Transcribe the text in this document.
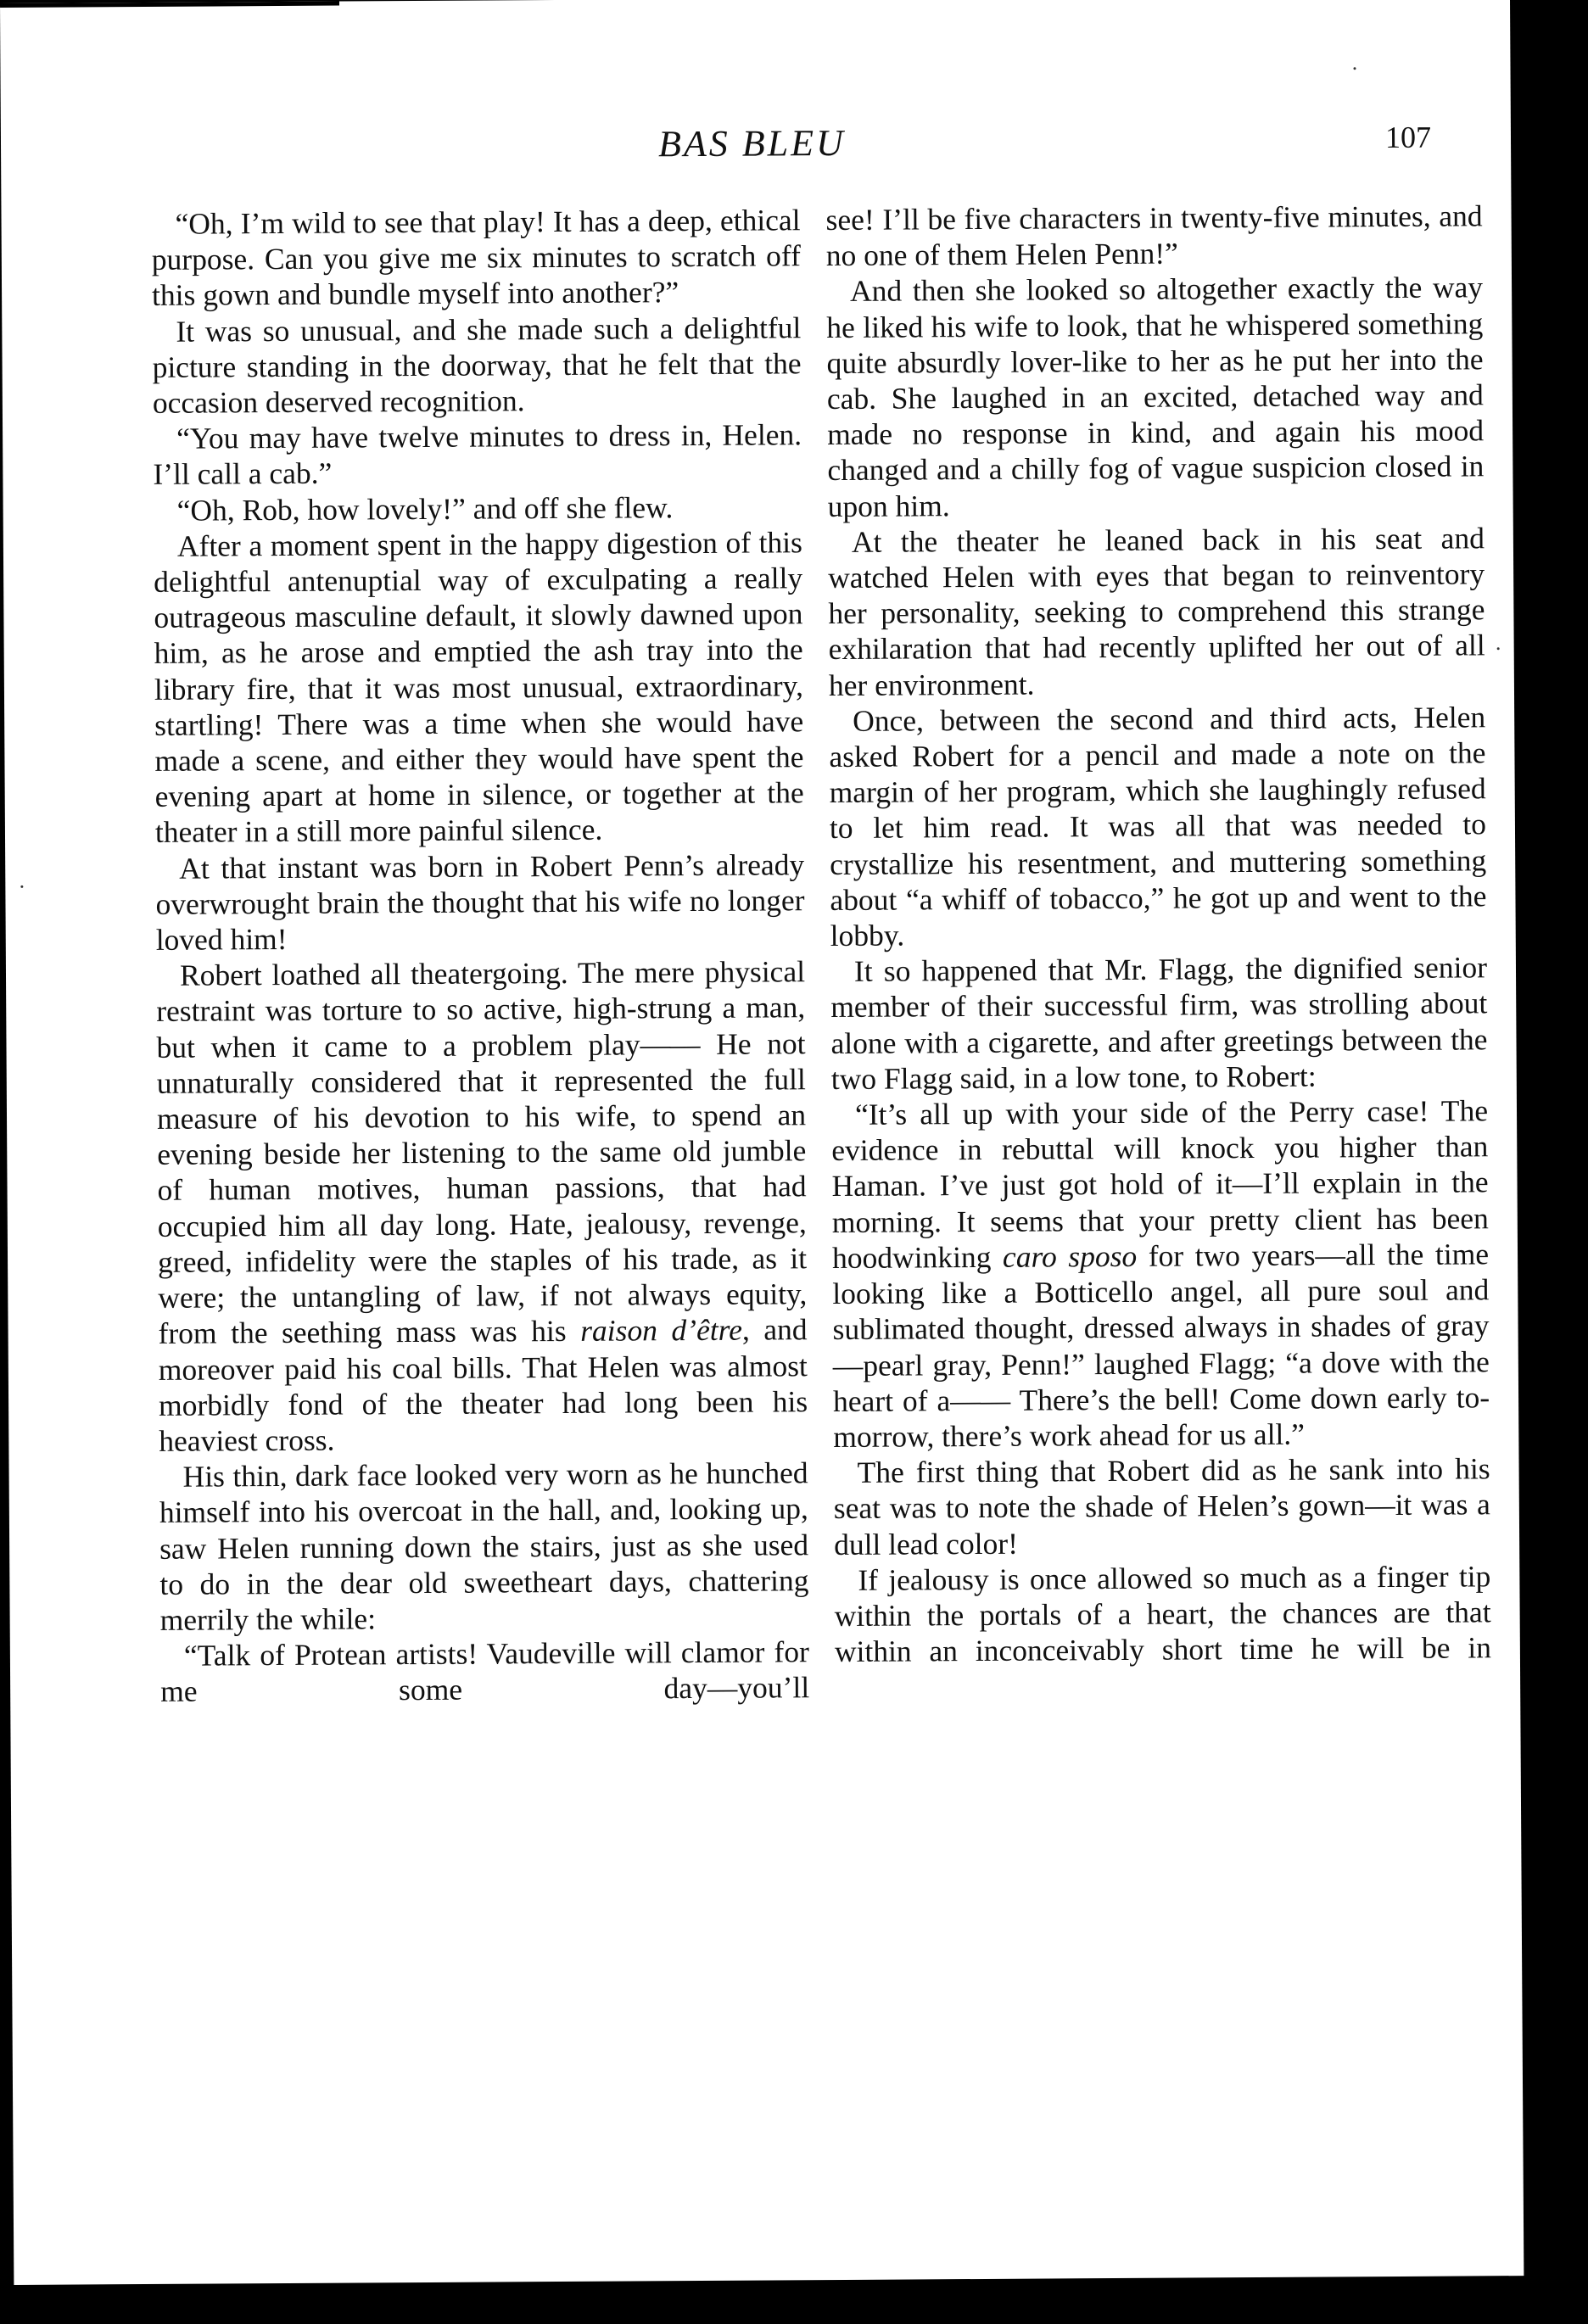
BAS BLEU	107

“Oh, I’m wild to see that play! It has a deep, ethical purpose. Can you give me six minutes to scratch off this gown and bundle myself into another?”

It was so unusual, and she made such a delightful picture standing in the doorway, that he felt that the occasion deserved recognition.

“You may have twelve minutes to dress in, Helen. I’ll call a cab.”

“Oh, Rob, how lovely!” and off she flew.

After a moment spent in the happy digestion of this delightful antenuptial way of exculpating a really outrageous masculine default, it slowly dawned upon him, as he arose and emptied the ash tray into the library fire, that it was most unusual, extraordinary, startling! There was a time when she would have made a scene, and either they would have spent the evening apart at home in silence, or together at the theater in a still more painful silence.

At that instant was born in Robert Penn’s already overwrought brain the thought that his wife no longer loved him!

Robert loathed all theatergoing. The mere physical restraint was torture to so active, high-strung a man, but when it came to a problem play—— He not unnaturally considered that it represented the full measure of his devotion to his wife, to spend an evening beside her listening to the same old jumble of human motives, human passions, that had occupied him all day long. Hate, jealousy, revenge, greed, infidelity were the staples of his trade, as it were; the untangling of law, if not always equity, from the seething mass was his raison d’être, and moreover paid his coal bills. That Helen was almost morbidly fond of the theater had long been his heaviest cross.

His thin, dark face looked very worn as he hunched himself into his overcoat in the hall, and, looking up, saw Helen running down the stairs, just as she used to do in the dear old sweetheart days, chattering merrily the while:

“Talk of Protean artists! Vaudeville will clamor for me some day—you’ll

see! I’ll be five characters in twenty-five minutes, and no one of them Helen Penn!”

And then she looked so altogether exactly the way he liked his wife to look, that he whispered something quite absurdly lover-like to her as he put her into the cab. She laughed in an excited, detached way and made no response in kind, and again his mood changed and a chilly fog of vague suspicion closed in upon him.

At the theater he leaned back in his seat and watched Helen with eyes that began to reinventory her personality, seeking to comprehend this strange exhilaration that had recently uplifted her out of all her environment.

Once, between the second and third acts, Helen asked Robert for a pencil and made a note on the margin of her program, which she laughingly refused to let him read. It was all that was needed to crystallize his resentment, and muttering something about “a whiff of tobacco,” he got up and went to the lobby.

It so happened that Mr. Flagg, the dignified senior member of their successful firm, was strolling about alone with a cigarette, and after greetings between the two Flagg said, in a low tone, to Robert:

“It’s all up with your side of the Perry case! The evidence in rebuttal will knock you higher than Haman. I’ve just got hold of it—I’ll explain in the morning. It seems that your pretty client has been hoodwinking caro sposo for two years—all the time looking like a Botticello angel, all pure soul and sublimated thought, dressed always in shades of gray—pearl gray, Penn!” laughed Flagg; “a dove with the heart of a—— There’s the bell! Come down early to-morrow, there’s work ahead for us all.”

The first thing that Robert did as he sank into his seat was to note the shade of Helen’s gown—it was a dull lead color!

If jealousy is once allowed so much as a finger tip within the portals of a heart, the chances are that within an inconceivably short time he will be in
